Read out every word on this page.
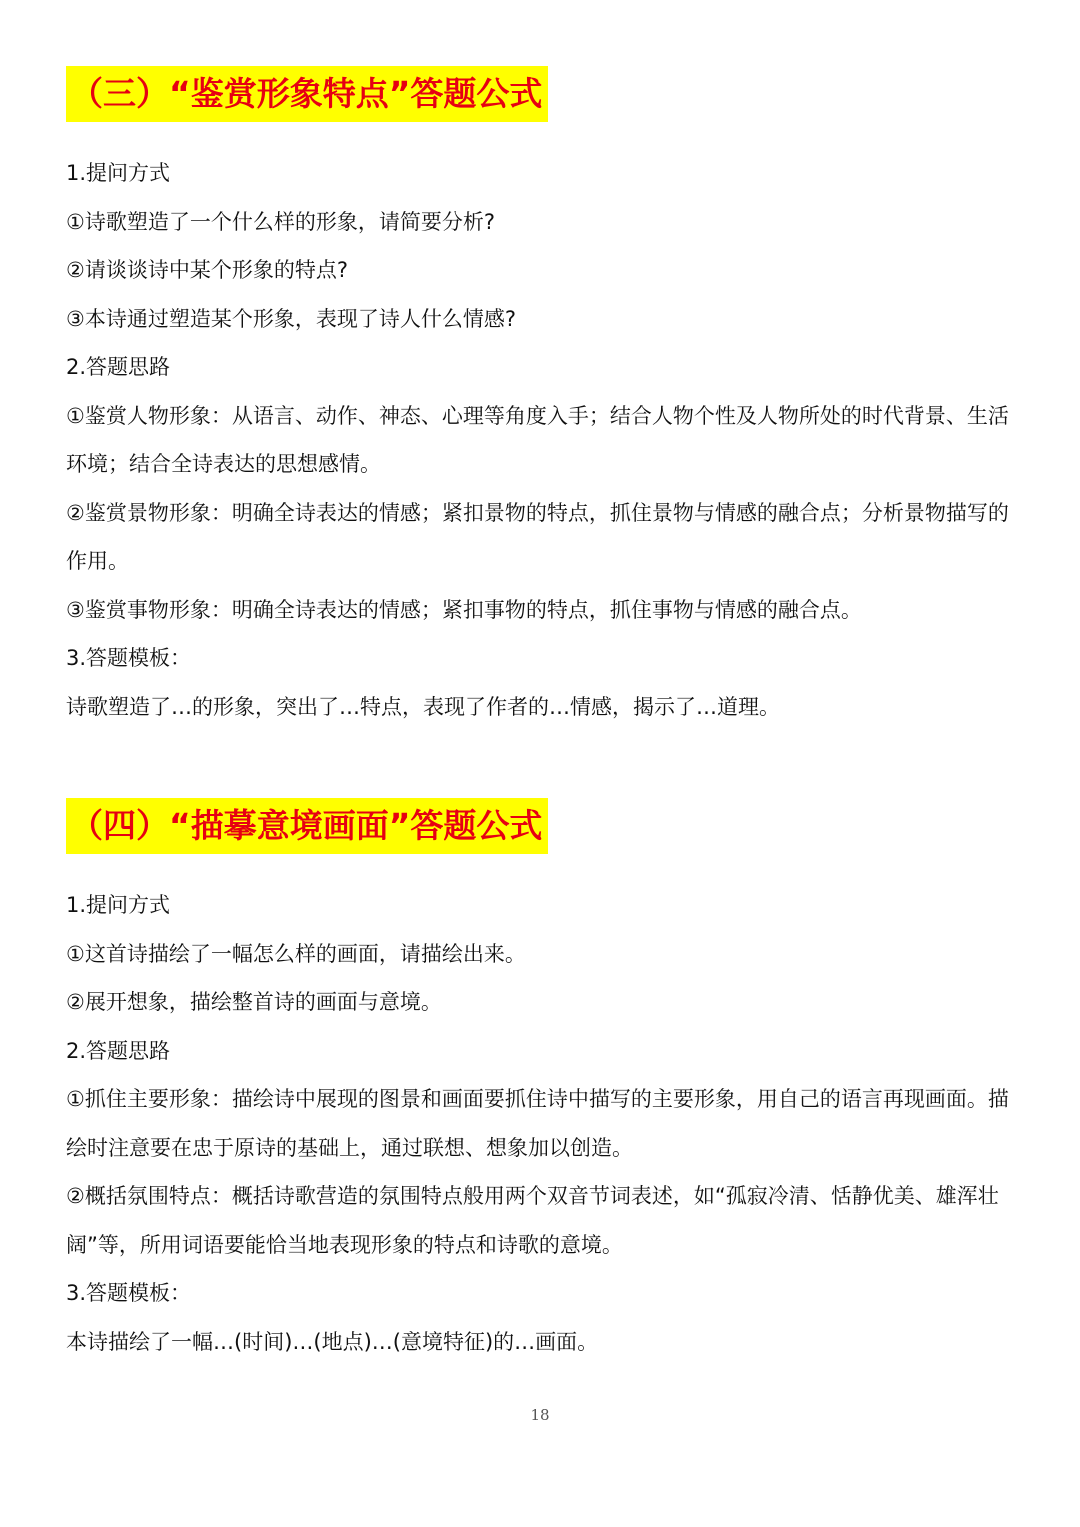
（三）“鉴赏形象特点”答题公式
1.提问方式
①诗歌塑造了一个什么样的形象，请简要分析?
②请谈谈诗中某个形象的特点?
③本诗通过塑造某个形象，表现了诗人什么情感?
2.答题思路
①鉴赏人物形象：从语言、动作、神态、心理等角度入手；结合人物个性及人物所处的时代背景、生活环境；结合全诗表达的思想感情。
②鉴赏景物形象：明确全诗表达的情感；紧扣景物的特点，抓住景物与情感的融合点；分析景物描写的作用。
③鉴赏事物形象：明确全诗表达的情感；紧扣事物的特点，抓住事物与情感的融合点。
3.答题模板：
诗歌塑造了…的形象，突出了…特点，表现了作者的…情感，揭示了…道理。
（四）“描摹意境画面”答题公式
1.提问方式
①这首诗描绘了一幅怎么样的画面，请描绘出来。
②展开想象，描绘整首诗的画面与意境。
2.答题思路
①抓住主要形象：描绘诗中展现的图景和画面要抓住诗中描写的主要形象，用自己的语言再现画面。描绘时注意要在忠于原诗的基础上，通过联想、想象加以创造。
②概括氛围特点：概括诗歌营造的氛围特点般用两个双音节词表述，如“孤寂冷清、恬静优美、雄浑壮阔”等，所用词语要能恰当地表现形象的特点和诗歌的意境。
3.答题模板：
本诗描绘了一幅…(时间)…(地点)…(意境特征)的…画面。
18
